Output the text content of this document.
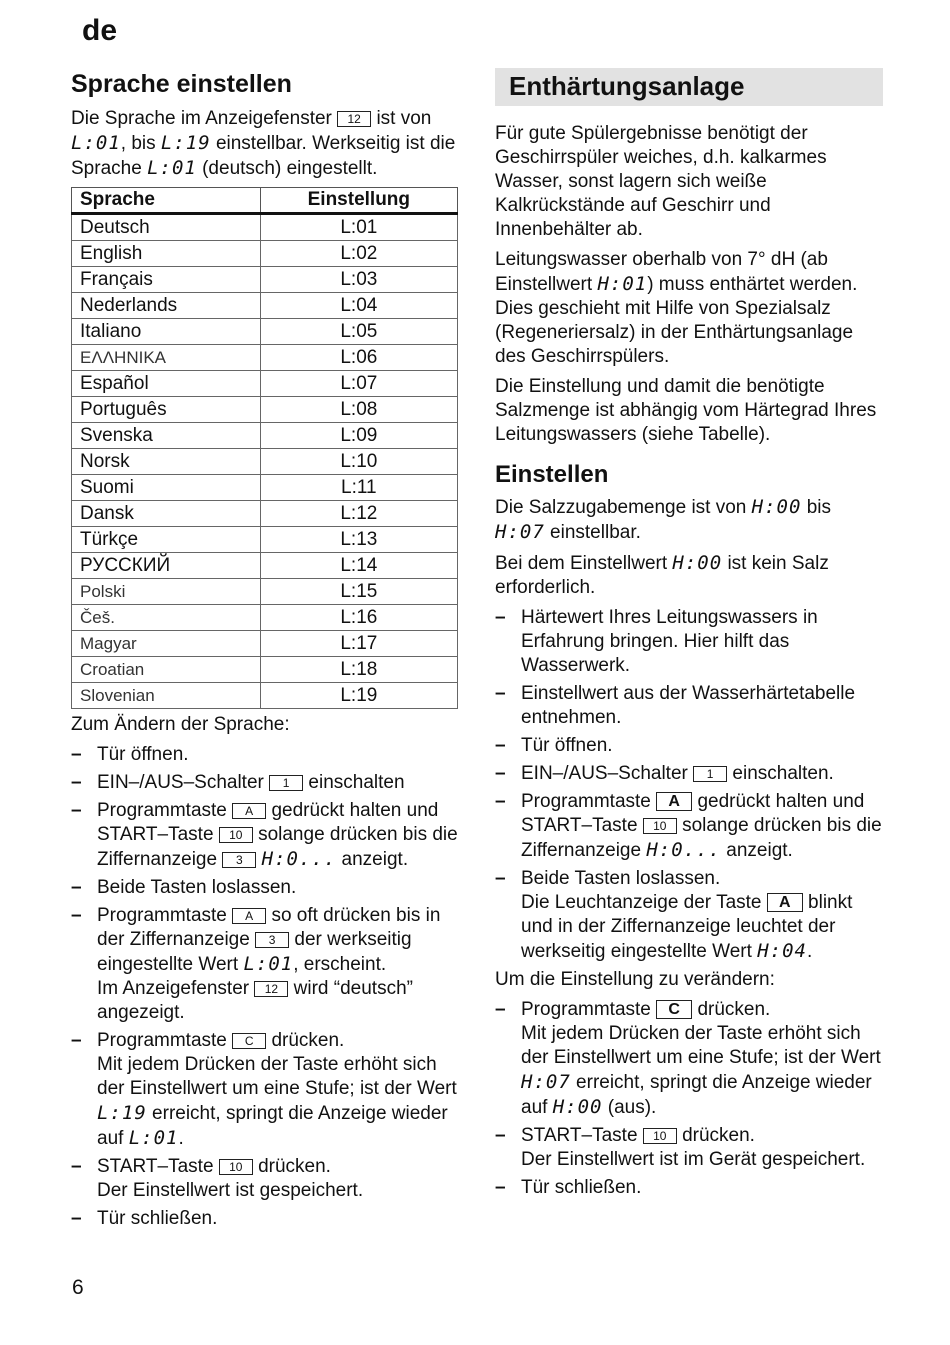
de
Sprache einstellen

Die Sprache im Anzeigefenster 12 ist von L:01, bis L:19 einstellbar. Werkseitig ist die Sprache L:01 (deutsch) eingestellt.

Sprache	Einstellung
Deutsch	L:01
English	L:02
Français	L:03
Nederlands	L:04
Italiano	L:05
ΕΛΛΗΝΙΚΑ	L:06
Español	L:07
Português	L:08
Svenska	L:09
Norsk	L:10
Suomi	L:11
Dansk	L:12
Türkçe	L:13
РУССКИЙ	L:14
Polski	L:15
Češ.	L:16
Magyar	L:17
Croatian	L:18
Slovenian	L:19

Zum Ändern der Sprache:

– Tür öffnen.
– EIN–/AUS–Schalter 1 einschalten
– Programmtaste A gedrückt halten und START–Taste 10 solange drücken bis die Ziffernanzeige 3 H:0... anzeigt.
– Beide Tasten loslassen.
– Programmtaste A so oft drücken bis in der Ziffernanzeige 3 der werkseitig eingestellte Wert L:01, erscheint.
Im Anzeigefenster 12 wird “deutsch” angezeigt.
– Programmtaste C drücken.
Mit jedem Drücken der Taste erhöht sich der Einstellwert um eine Stufe; ist der Wert L:19 erreicht, springt die Anzeige wieder auf L:01.
– START–Taste 10 drücken.
Der Einstellwert ist gespeichert.
– Tür schließen.
Enthärtungsanlage

Für gute Spülergebnisse benötigt der Geschirrspüler weiches, d.h. kalkarmes Wasser, sonst lagern sich weiße Kalkrückstände auf Geschirr und Innenbehälter ab.

Leitungswasser oberhalb von 7° dH (ab Einstellwert H:01) muss enthärtet werden. Dies geschieht mit Hilfe von Spezialsalz (Regeneriersalz) in der Enthärtungsanlage des Geschirrspülers.

Die Einstellung und damit die benötigte Salzmenge ist abhängig vom Härtegrad Ihres Leitungswassers (siehe Tabelle).

Einstellen

Die Salzzugabemenge ist von H:00 bis H:07 einstellbar.

Bei dem Einstellwert H:00 ist kein Salz erforderlich.

– Härtewert Ihres Leitungswassers in Erfahrung bringen. Hier hilft das Wasserwerk.
– Einstellwert aus der Wasserhärtetabelle entnehmen.
– Tür öffnen.
– EIN–/AUS–Schalter 1 einschalten.
– Programmtaste A gedrückt halten und START–Taste 10 solange drücken bis die Ziffernanzeige H:0... anzeigt.
– Beide Tasten loslassen.
Die Leuchtanzeige der Taste A blinkt und in der Ziffernanzeige leuchtet der werkseitig eingestellte Wert H:04.

Um die Einstellung zu verändern:

– Programmtaste C drücken.
Mit jedem Drücken der Taste erhöht sich der Einstellwert um eine Stufe; ist der Wert H:07 erreicht, springt die Anzeige wieder auf H:00 (aus).
– START–Taste 10 drücken.
Der Einstellwert ist im Gerät gespeichert.
– Tür schließen.
6
